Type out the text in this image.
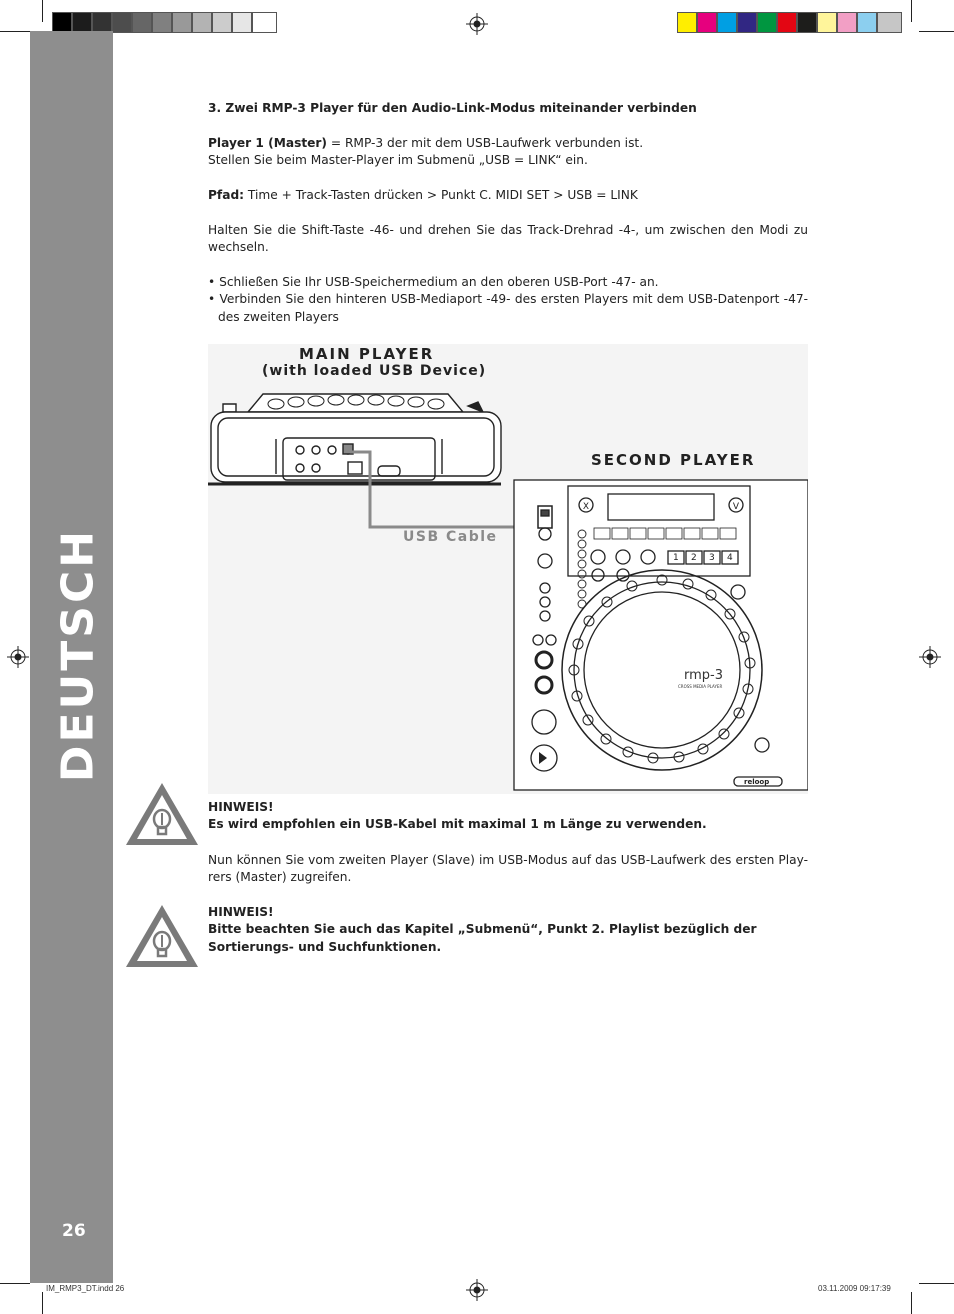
DEUTSCH
26
3. Zwei RMP-3 Player für den Audio-Link-Modus miteinander verbinden
Player 1 (Master) = RMP-3 der mit dem USB-Laufwerk verbunden ist.
Stellen Sie beim Master-Player im Submenü „USB = LINK“ ein.
Pfad: Time + Track-Tasten drücken > Punkt C. MIDI SET > USB = LINK
Halten Sie die Shift-Taste -46- und drehen Sie das Track-Drehrad -4-, um zwischen den Modi zu wechseln.
• Schließen Sie Ihr USB-Speichermedium an den oberen USB-Port -47- an.
• Verbinden Sie den hinteren USB-Mediaport -49- des ersten Players mit dem USB-Datenport -47- des zweiten Players
MAIN PLAYER
(with loaded USB Device)
SECOND PLAYER
USB Cable
X	V
rmp-3
CROSS MEDIA PLAYER
reloop
1 2 3 4
HINWEIS!
Es wird empfohlen ein USB-Kabel mit maximal 1 m Länge zu verwenden.
Nun können Sie vom zweiten Player (Slave) im USB-Modus auf das USB-Laufwerk des ersten Play-rers (Master) zugreifen.
HINWEIS!
Bitte beachten Sie auch das Kapitel „Submenü“, Punkt 2. Playlist bezüglich der Sortierungs- und Suchfunktionen.
IM_RMP3_DT.indd 26	03.11.2009 09:17:39
